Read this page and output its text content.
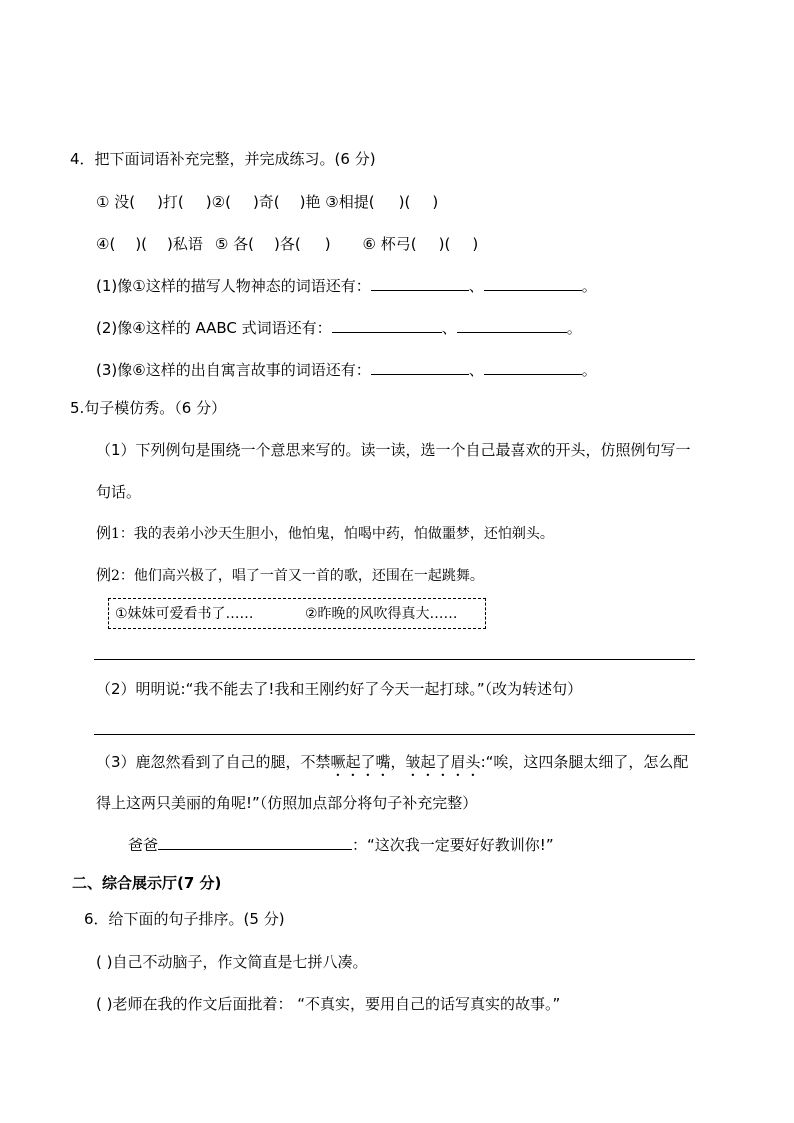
4．把下面词语补充完整，并完成练习。(6 分)
① 没( )打( )②( )奇( )艳 ③相提( )( )
④( )( )私语 ⑤ 各( )各( ) ⑥ 杯弓( )( )
(1)像①这样的描写人物神态的词语还有：	、	。
(2)像④这样的 AABC 式词语还有：	、	。
(3)像⑥这样的出自寓言故事的词语还有：	、	。
5.句子模仿秀。（6 分）
（1）下列例句是围绕一个意思来写的。读一读，选一个自己最喜欢的开头，仿照例句写一
句话。
例1：我的表弟小沙天生胆小，他怕鬼，怕喝中药，怕做噩梦，还怕剃头。
例2：他们高兴极了，唱了一首又一首的歌，还围在一起跳舞。
①妹妹可爱看书了……	②昨晚的风吹得真大……
（2）明明说:“我不能去了!我和王刚约好了今天一起打球。”（改为转述句）
（3）鹿忽然看到了自己的腿，不禁噘起了嘴，皱起了眉头:“唉，这四条腿太细了，怎么配
得上这两只美丽的角呢!”（仿照加点部分将句子补充完整）
爸爸	：“这次我一定要好好教训你!”
二、综合展示厅(7 分)
6．给下面的句子排序。(5 分)
( )自己不动脑子，作文简直是七拼八凑。
( )老师在我的作文后面批着： “不真实，要用自己的话写真实的故事。”
